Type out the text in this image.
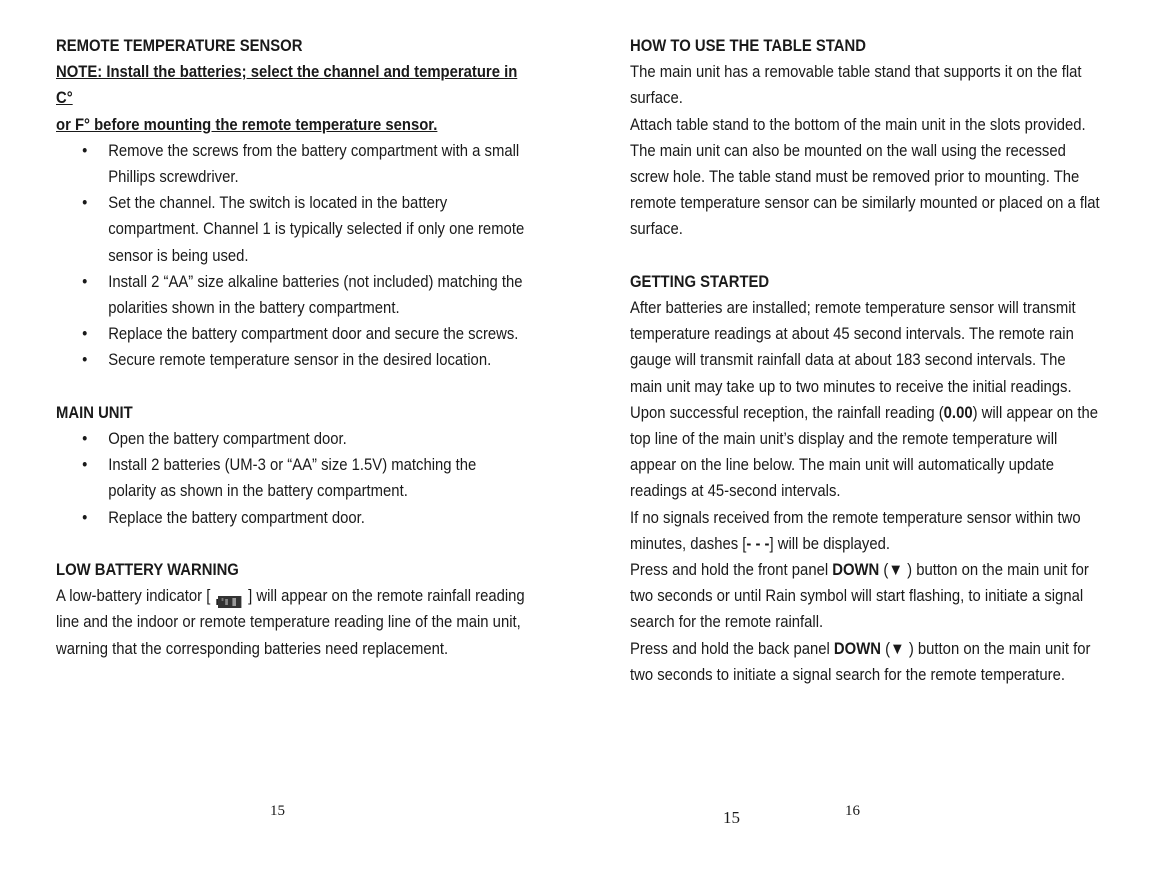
REMOTE TEMPERATURE SENSOR

NOTE: Install the batteries; select the channel and temperature in C°

or F° before mounting the remote temperature sensor.

• Remove the screws from the battery compartment with a small Phillips screwdriver.
• Set the channel. The switch is located in the battery compartment. Channel 1 is typically selected if only one remote sensor is being used.
• Install 2 “AA” size alkaline batteries (not included) matching the polarities shown in the battery compartment.
• Replace the battery compartment door and secure the screws.
• Secure remote temperature sensor in the desired location.

MAIN UNIT

• Open the battery compartment door.
• Install 2 batteries (UM-3 or “AA” size 1.5V) matching the polarity as shown in the battery compartment.
• Replace the battery compartment door.

LOW BATTERY WARNING

A low-battery indicator [ ] will appear on the remote rainfall reading line and the indoor or remote temperature reading line of the main unit, warning that the corresponding batteries need replacement.

HOW TO USE THE TABLE STAND

The main unit has a removable table stand that supports it on the flat surface.

Attach table stand to the bottom of the main unit in the slots provided.

The main unit can also be mounted on the wall using the recessed screw hole. The table stand must be removed prior to mounting. The remote temperature sensor can be similarly mounted or placed on a flat surface.

GETTING STARTED

After batteries are installed; remote temperature sensor will transmit temperature readings at about 45 second intervals. The remote rain gauge will transmit rainfall data at about 183 second intervals. The main unit may take up to two minutes to receive the initial readings. Upon successful reception, the rainfall reading (0.00) will appear on the top line of the main unit’s display and the remote temperature will appear on the line below. The main unit will automatically update readings at 45-second intervals.

If no signals received from the remote temperature sensor within two minutes, dashes [- - -] will be displayed.

Press and hold the front panel DOWN (▼ ) button on the main unit for two seconds or until Rain symbol will start flashing, to initiate a signal search for the remote rainfall.

Press and hold the back panel DOWN (▼ ) button on the main unit for two seconds to initiate a signal search for the remote temperature.

15	15	16
